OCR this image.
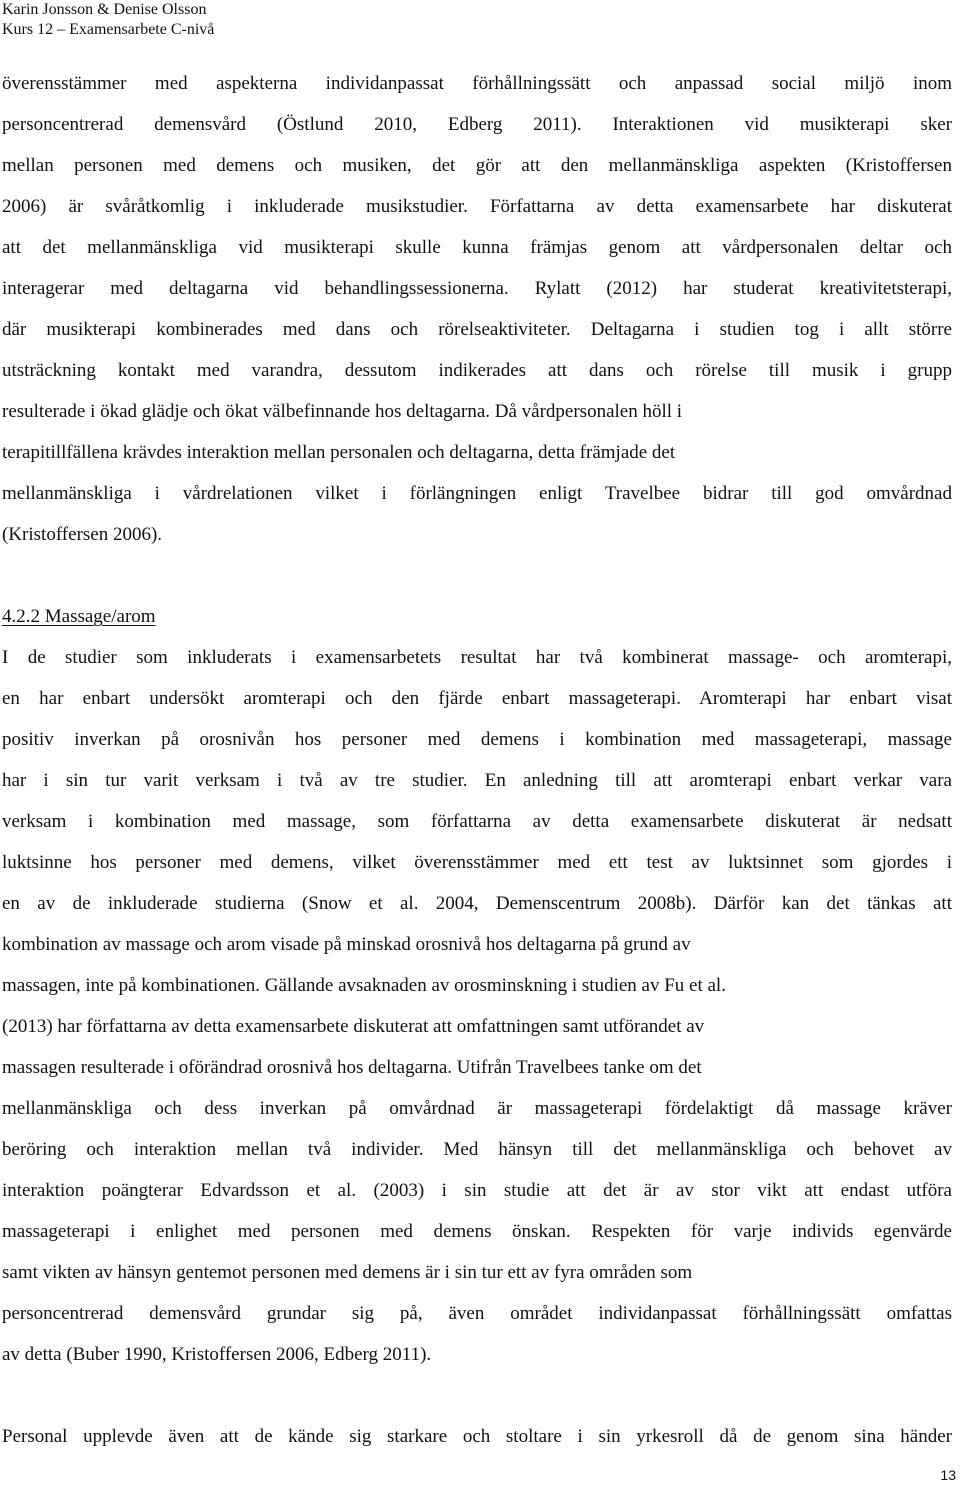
Karin Jonsson & Denise Olsson
Kurs 12 – Examensarbete C-nivå
överensstämmer med aspekterna individanpassat förhållningssätt och anpassad social miljö inom
personcentrerad demensvård (Östlund 2010, Edberg 2011). Interaktionen vid musikterapi sker
mellan personen med demens och musiken, det gör att den mellanmänskliga aspekten (Kristoffersen
2006) är svåråtkomlig i inkluderade musikstudier. Författarna av detta examensarbete har diskuterat
att det mellanmänskliga vid musikterapi skulle kunna främjas genom att vårdpersonalen deltar och
interagerar med deltagarna vid behandlingssessionerna. Rylatt (2012) har studerat kreativitetsterapi,
där musikterapi kombinerades med dans och rörelseaktiviteter. Deltagarna i studien tog i allt större
utsträckning kontakt med varandra, dessutom indikerades att dans och rörelse till musik i grupp
resulterade i ökad glädje och ökat välbefinnande hos deltagarna. Då vårdpersonalen höll i
terapitillfällena krävdes interaktion mellan personalen och deltagarna, detta främjade det
mellanmänskliga i vårdrelationen vilket i förlängningen enligt Travelbee bidrar till god omvårdnad
(Kristoffersen 2006).
4.2.2 Massage/arom
I de studier som inkluderats i examensarbetets resultat har två kombinerat massage- och aromterapi,
en har enbart undersökt aromterapi och den fjärde enbart massageterapi. Aromterapi har enbart visat
positiv inverkan på orosnivån hos personer med demens i kombination med massageterapi, massage
har i sin tur varit verksam i två av tre studier. En anledning till att aromterapi enbart verkar vara
verksam i kombination med massage, som författarna av detta examensarbete diskuterat är nedsatt
luktsinne hos personer med demens, vilket överensstämmer med ett test av luktsinnet som gjordes i
en av de inkluderade studierna (Snow et al. 2004, Demenscentrum 2008b). Därför kan det tänkas att
kombination av massage och arom visade på minskad orosnivå hos deltagarna på grund av
massagen, inte på kombinationen. Gällande avsaknaden av orosminskning i studien av Fu et al.
(2013) har författarna av detta examensarbete diskuterat att omfattningen samt utförandet av
massagen resulterade i oförändrad orosnivå hos deltagarna. Utifrån Travelbees tanke om det
mellanmänskliga och dess inverkan på omvårdnad är massageterapi fördelaktigt då massage kräver
beröring och interaktion mellan två individer. Med hänsyn till det mellanmänskliga och behovet av
interaktion poängterar Edvardsson et al. (2003) i sin studie att det är av stor vikt att endast utföra
massageterapi i enlighet med personen med demens önskan. Respekten för varje individs egenvärde
samt vikten av hänsyn gentemot personen med demens är i sin tur ett av fyra områden som
personcentrerad demensvård grundar sig på, även området individanpassat förhållningssätt omfattas
av detta (Buber 1990, Kristoffersen 2006, Edberg 2011).
Personal upplevde även att de kände sig starkare och stoltare i sin yrkesroll då de genom sina händer
13
